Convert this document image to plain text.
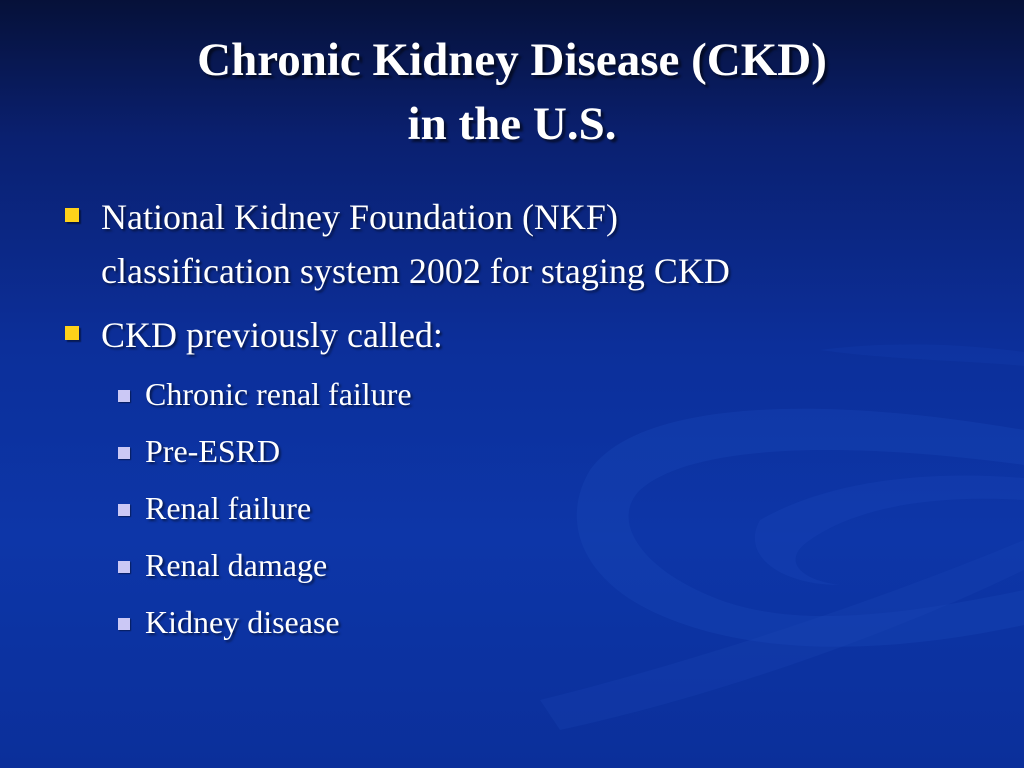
Chronic Kidney Disease (CKD)
in the U.S.
National Kidney Foundation (NKF)
classification system 2002 for staging CKD
CKD previously called:
Chronic renal failure
Pre-ESRD
Renal failure
Renal damage
Kidney disease
